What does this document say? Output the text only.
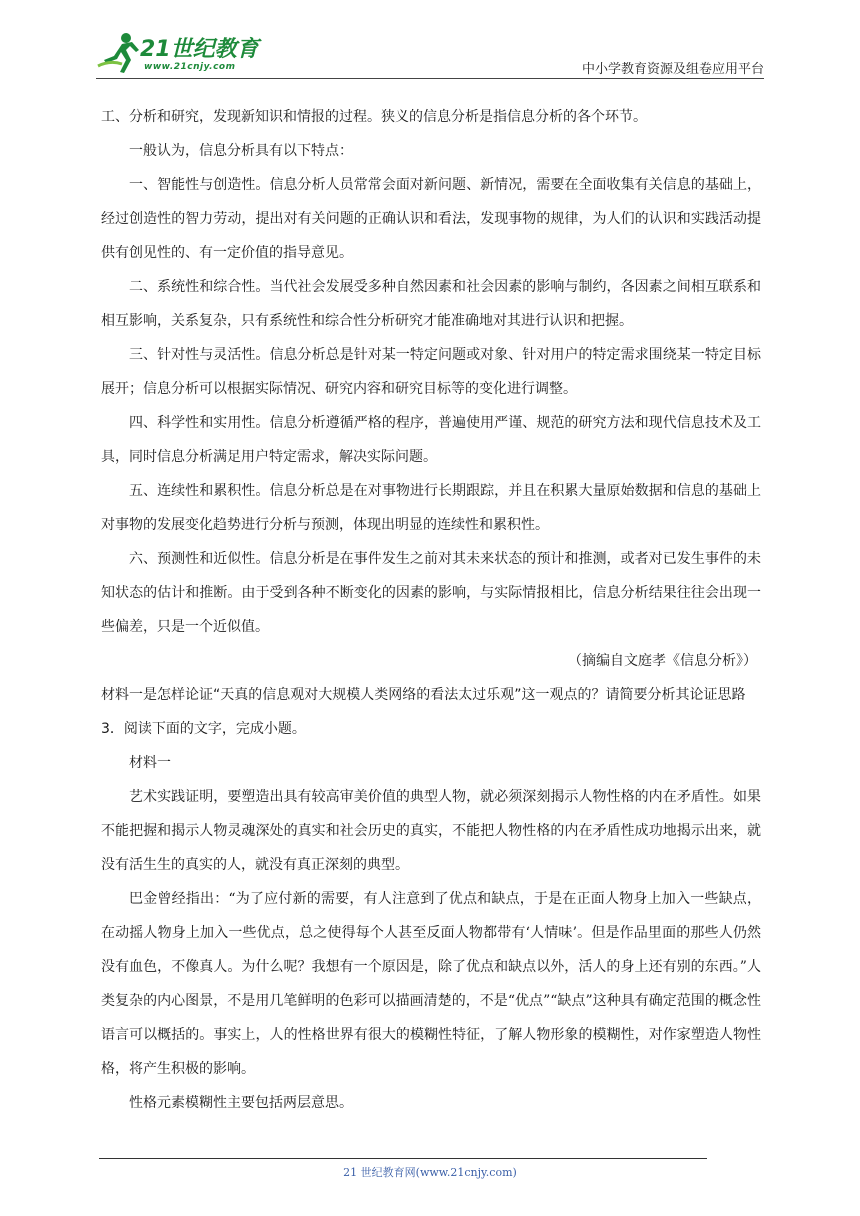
21世纪教育
www.21cnjy.com	中小学教育资源及组卷应用平台

工、分析和研究，发现新知识和情报的过程。狭义的信息分析是指信息分析的各个环节。

一般认为，信息分析具有以下特点：

一、智能性与创造性。信息分析人员常常会面对新问题、新情况，需要在全面收集有关信息的基础上，经过创造性的智力劳动，提出对有关问题的正确认识和看法，发现事物的规律，为人们的认识和实践活动提供有创见性的、有一定价值的指导意见。

二、系统性和综合性。当代社会发展受多种自然因素和社会因素的影响与制约，各因素之间相互联系和相互影响，关系复杂，只有系统性和综合性分析研究才能准确地对其进行认识和把握。

三、针对性与灵活性。信息分析总是针对某一特定问题或对象、针对用户的特定需求围绕某一特定目标展开；信息分析可以根据实际情况、研究内容和研究目标等的变化进行调整。

四、科学性和实用性。信息分析遵循严格的程序，普遍使用严谨、规范的研究方法和现代信息技术及工具，同时信息分析满足用户特定需求，解决实际问题。

五、连续性和累积性。信息分析总是在对事物进行长期跟踪，并且在积累大量原始数据和信息的基础上对事物的发展变化趋势进行分析与预测，体现出明显的连续性和累积性。

六、预测性和近似性。信息分析是在事件发生之前对其未来状态的预计和推测，或者对已发生事件的未知状态的估计和推断。由于受到各种不断变化的因素的影响，与实际情报相比，信息分析结果往往会出现一些偏差，只是一个近似值。

（摘编自文庭孝《信息分析》）

材料一是怎样论证“天真的信息观对大规模人类网络的看法太过乐观”这一观点的？请简要分析其论证思路

3．阅读下面的文字，完成小题。

材料一

艺术实践证明，要塑造出具有较高审美价值的典型人物，就必须深刻揭示人物性格的内在矛盾性。如果不能把握和揭示人物灵魂深处的真实和社会历史的真实，不能把人物性格的内在矛盾性成功地揭示出来，就没有活生生的真实的人，就没有真正深刻的典型。

巴金曾经指出：“为了应付新的需要，有人注意到了优点和缺点，于是在正面人物身上加入一些缺点，在动摇人物身上加入一些优点，总之使得每个人甚至反面人物都带有‘人情味’。但是作品里面的那些人仍然没有血色，不像真人。为什么呢？我想有一个原因是，除了优点和缺点以外，活人的身上还有别的东西。”人类复杂的内心图景，不是用几笔鲜明的色彩可以描画清楚的，不是“优点”“缺点”这种具有确定范围的概念性语言可以概括的。事实上，人的性格世界有很大的模糊性特征，了解人物形象的模糊性，对作家塑造人物性格，将产生积极的影响。

性格元素模糊性主要包括两层意思。

21 世纪教育网(www.21cnjy.com)
